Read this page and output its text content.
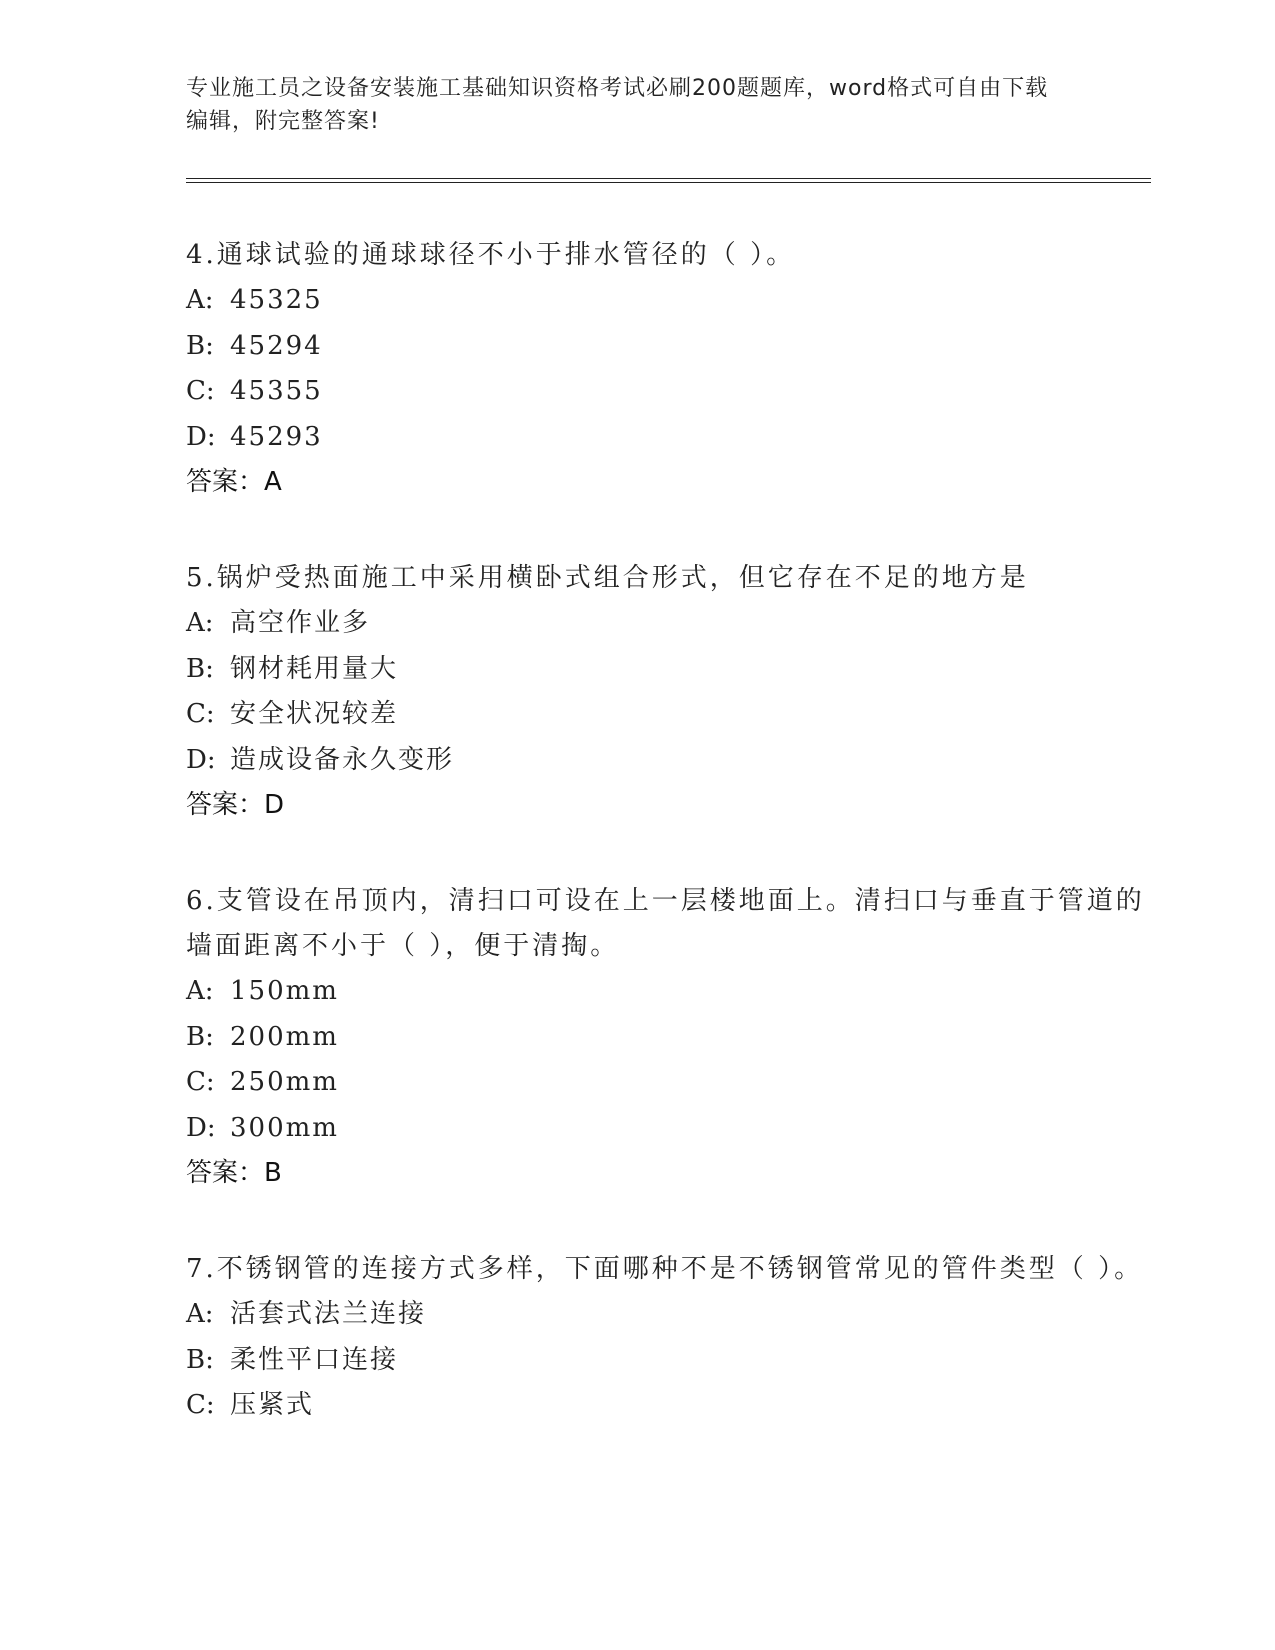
专业施工员之设备安装施工基础知识资格考试必刷200题题库，word格式可自由下载编辑，附完整答案!

4.通球试验的通球球径不小于排水管径的（ ）。

A: 45325
B: 45294
C: 45355
D: 45293
答案：A

5.锅炉受热面施工中采用横卧式组合形式，但它存在不足的地方是

A: 高空作业多
B: 钢材耗用量大
C: 安全状况较差
D: 造成设备永久变形
答案：D

6.支管设在吊顶内，清扫口可设在上一层楼地面上。清扫口与垂直于管道的墙面距离不小于（ ），便于清掏。

A: 150mm
B: 200mm
C: 250mm
D: 300mm
答案：B

7.不锈钢管的连接方式多样，下面哪种不是不锈钢管常见的管件类型（ ）。

A: 活套式法兰连接
B: 柔性平口连接
C: 压紧式
